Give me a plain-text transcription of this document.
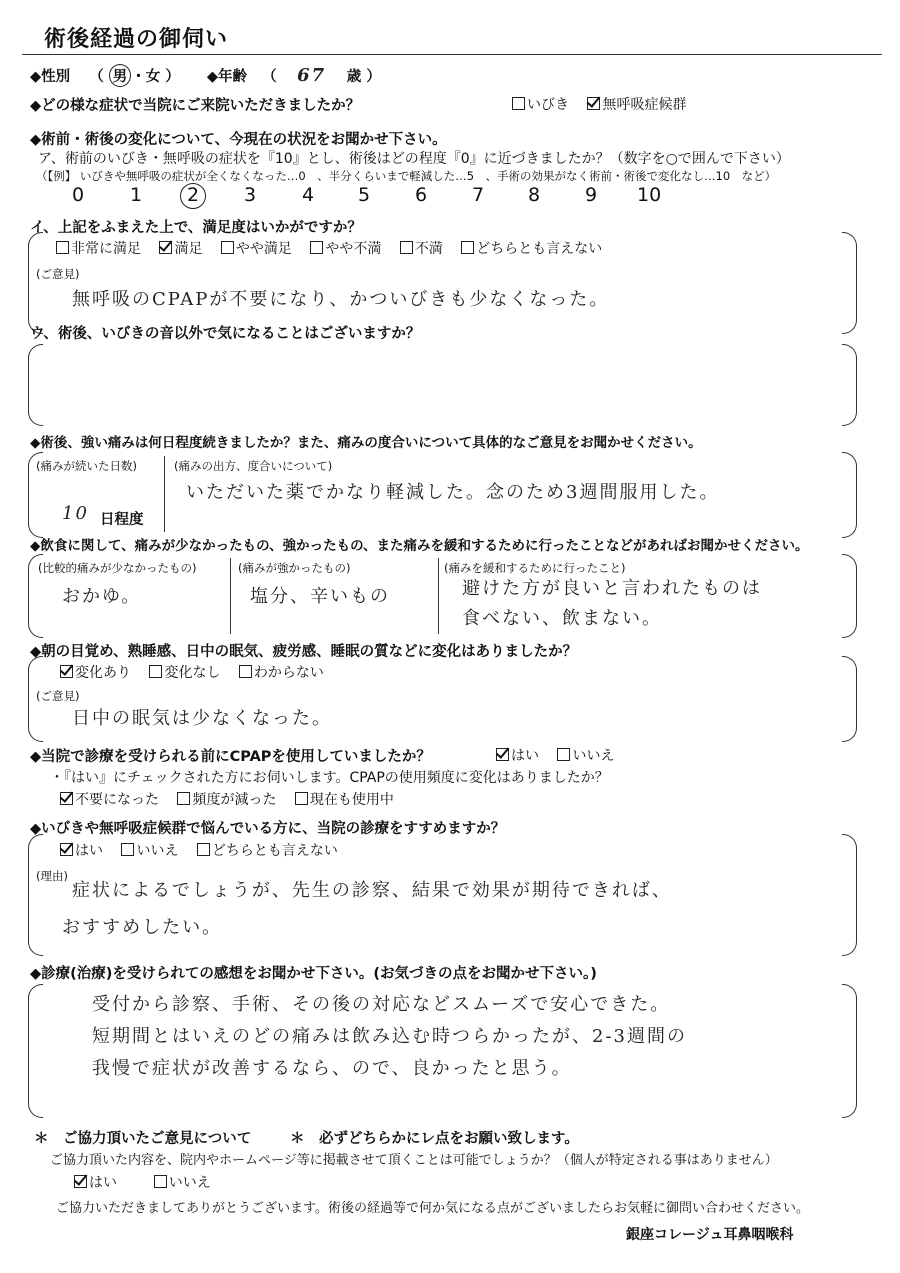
術後経過の御伺い
◆性別 （ 男 ・女 ） ◆年齢 （ 67 歳 ）
◆どの様な症状で当院にご来院いただきましたか？	いびき 無呼吸症候群
◆術前・術後の変化について、今現在の状況をお聞かせ下さい。
ア、術前のいびき・無呼吸の症状を『10』とし、術後はどの程度『0』に近づきましたか？（数字を○で囲んで下さい）
（【例】 いびきや無呼吸の症状が全くなくなった…0　、半分くらいまで軽減した…5　、手術の効果がなく術前・術後で変化なし…10　など）
0 1 2 3 4 5 6 7 8 9 10
イ、上記をふまえた上で、満足度はいかがですか？
非常に満足 満足 やや満足 やや不満 不満 どちらとも言えない
(ご意見)
無呼吸のCPAPが不要になり、かついびきも少なくなった。
ウ、術後、いびきの音以外で気になることはございますか？
◆術後、強い痛みは何日程度続きましたか？また、痛みの度合いについて具体的なご意見をお聞かせください。
(痛みが続いた日数)
10 日程度
(痛みの出方、度合いについて)
いただいた薬でかなり軽減した。念のため3週間服用した。
◆飲食に関して、痛みが少なかったもの、強かったもの、また痛みを緩和するために行ったことなどがあればお聞かせください。
(比較的痛みが少なかったもの)
おかゆ。
(痛みが強かったもの)
塩分、辛いもの
(痛みを緩和するために行ったこと)
避けた方が良いと言われたものは
食べない、飲まない。
◆朝の目覚め、熟睡感、日中の眠気、疲労感、睡眠の質などに変化はありましたか？
変化あり 変化なし わからない
(ご意見)
日中の眠気は少なくなった。
◆当院で診療を受けられる前にCPAPを使用していましたか？	はい いいえ
・『はい』にチェックされた方にお伺いします。CPAPの使用頻度に変化はありましたか？
不要になった 頻度が減った 現在も使用中
◆いびきや無呼吸症候群で悩んでいる方に、当院の診療をすすめますか？
はい いいえ どちらとも言えない
(理由)
症状によるでしょうが、先生の診察、結果で効果が期待できれば、
おすすめしたい。
◆診療(治療)を受けられての感想をお聞かせ下さい。(お気づきの点をお聞かせ下さい。)
受付から診察、手術、その後の対応などスムーズで安心できた。
短期間とはいえのどの痛みは飲み込む時つらかったが、2-3週間の
我慢で症状が改善するなら、ので、良かったと思う。
＊　ご協力頂いたご意見について	＊　必ずどちらかにレ点をお願い致します。
ご協力頂いた内容を、院内やホームページ等に掲載させて頂くことは可能でしょうか？（個人が特定される事はありません）
はい	いいえ
ご協力いただきましてありがとうございます。術後の経過等で何か気になる点がございましたらお気軽に御問い合わせください。
銀座コレージュ耳鼻咽喉科
